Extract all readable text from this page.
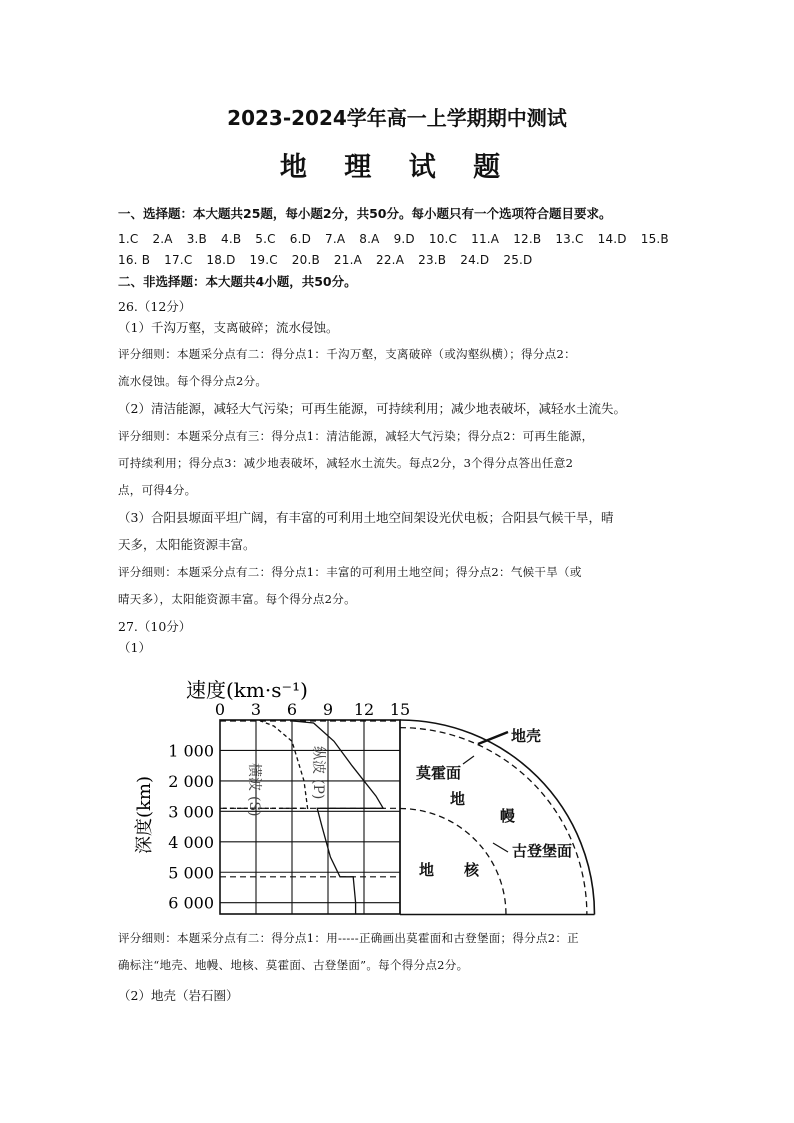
2023-2024学年高一上学期期中测试
地 理 试 题
一、选择题：本大题共25题，每小题2分，共50分。每小题只有一个选项符合题目要求。
1.C 2.A 3.B 4.B 5.C 6.D 7.A 8.A 9.D 10.C 11.A 12.B 13.C 14.D 15.B
16. B 17.C 18.D 19.C 20.B 21.A 22.A 23.B 24.D 25.D
二、非选择题：本大题共4小题，共50分。
26.（12分）
（1）千沟万壑，支离破碎；流水侵蚀。
评分细则：本题采分点有二：得分点1：千沟万壑，支离破碎（或沟壑纵横）；得分点2：
流水侵蚀。每个得分点2分。
（2）清洁能源，减轻大气污染；可再生能源，可持续利用；减少地表破坏，减轻水土流失。
评分细则：本题采分点有三：得分点1：清洁能源，减轻大气污染；得分点2：可再生能源，
可持续利用；得分点3：减少地表破坏，减轻水土流失。每点2分，3个得分点答出任意2
点，可得4分。
（3）合阳县塬面平坦广阔，有丰富的可利用土地空间架设光伏电板；合阳县气候干旱，晴
天多，太阳能资源丰富。
评分细则：本题采分点有二：得分点1：丰富的可利用土地空间；得分点2：气候干旱（或
晴天多），太阳能资源丰富。每个得分点2分。
27.（10分）
（1）
速度(km·s⁻¹)
深度(km)
0 3 6 9 12 15
1 000
2 000
3 000
4 000
5 000
6 000
横波
(S)
纵波
(P)
地壳
莫霍面
地
幔
古登堡面
地 核
评分细则：本题采分点有二：得分点1：用-----正确画出莫霍面和古登堡面；得分点2：正
确标注“地壳、地幔、地核、莫霍面、古登堡面”。每个得分点2分。
（2）地壳（岩石圈）
